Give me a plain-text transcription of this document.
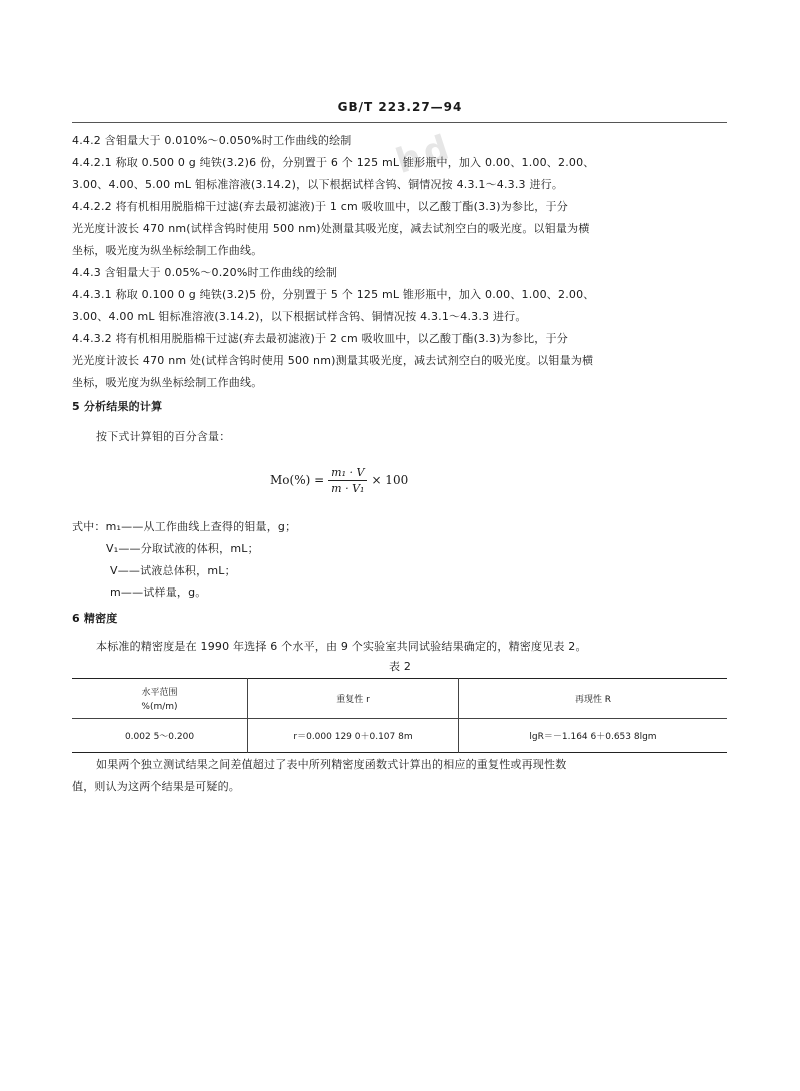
hd
GB/T 223.27—94
4.4.2 含钼量大于 0.010%～0.050%时工作曲线的绘制
4.4.2.1 称取 0.500 0 g 纯铁(3.2)6 份，分别置于 6 个 125 mL 锥形瓶中，加入 0.00、1.00、2.00、
3.00、4.00、5.00 mL 钼标准溶液(3.14.2)，以下根据试样含钨、铜情况按 4.3.1～4.3.3 进行。
4.4.2.2 将有机相用脱脂棉干过滤(弃去最初滤液)于 1 cm 吸收皿中，以乙酸丁酯(3.3)为参比，于分
光光度计波长 470 nm(试样含钨时使用 500 nm)处测量其吸光度，减去试剂空白的吸光度。以钼量为横
坐标，吸光度为纵坐标绘制工作曲线。
4.4.3 含钼量大于 0.05%～0.20%时工作曲线的绘制
4.4.3.1 称取 0.100 0 g 纯铁(3.2)5 份，分别置于 5 个 125 mL 锥形瓶中，加入 0.00、1.00、2.00、
3.00、4.00 mL 钼标准溶液(3.14.2)，以下根据试样含钨、铜情况按 4.3.1～4.3.3 进行。
4.4.3.2 将有机相用脱脂棉干过滤(弃去最初滤液)于 2 cm 吸收皿中，以乙酸丁酯(3.3)为参比，于分
光光度计波长 470 nm 处(试样含钨时使用 500 nm)测量其吸光度，减去试剂空白的吸光度。以钼量为横
坐标，吸光度为纵坐标绘制工作曲线。
5 分析结果的计算
按下式计算钼的百分含量：
$Mo(\%) = \frac{\text{m₁ · V}}{\text{m · V₁}} \times 100$
式中：m₁——从工作曲线上查得的钼量，g；
V₁——分取试液的体积，mL；
V——试液总体积，mL；
m——试样量，g。
6 精密度
本标准的精密度是在 1990 年选择 6 个水平，由 9 个实验室共同试验结果确定的，精密度见表 2。
表 2
水平范围
%(m/m)	重复性 r	再现性 R
0.002 5～0.200	r＝0.000 129 0＋0.107 8m	lgR＝－1.164 6＋0.653 8lgm
如果两个独立测试结果之间差值超过了表中所列精密度函数式计算出的相应的重复性或再现性数
值，则认为这两个结果是可疑的。
